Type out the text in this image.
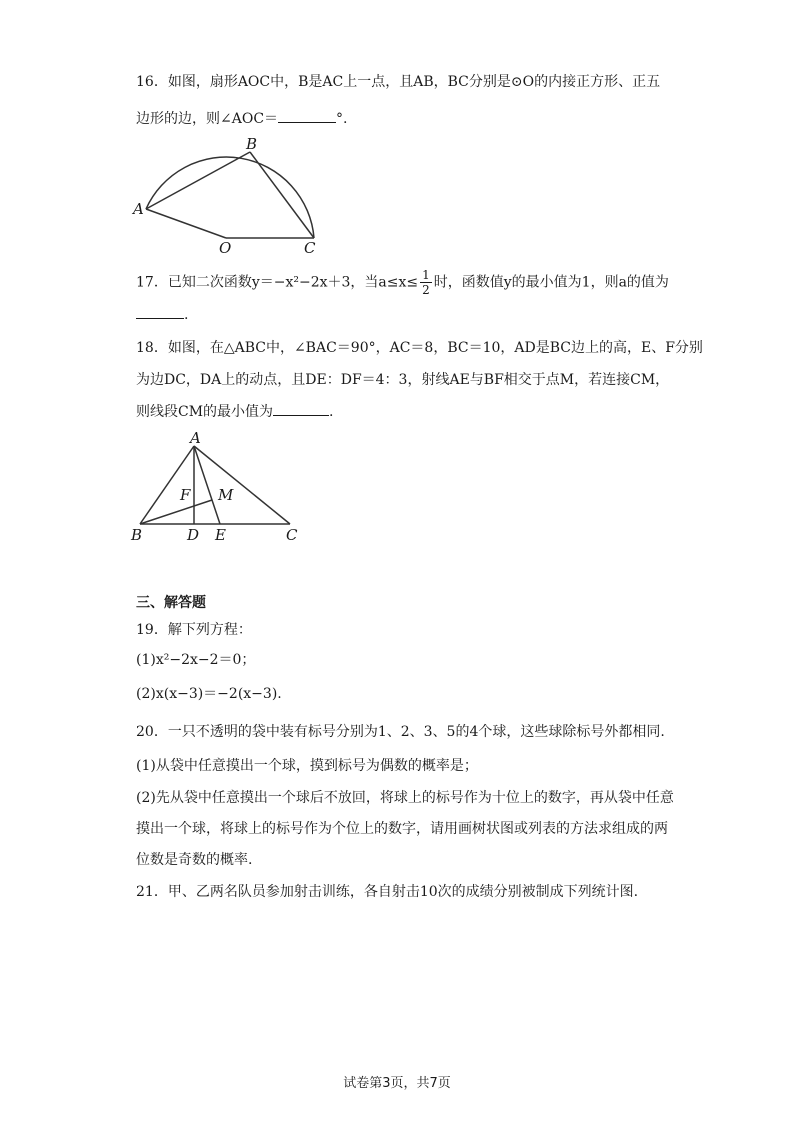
16．如图，扇形AOC中，B是AC上一点，且AB，BC分别是⊙O的内接正方形、正五
边形的边，则∠AOC＝	°.
A
B
O	C
17．已知二次函数y＝−x²−2x＋3，当$a\le x\le \frac{1}{2}$ 时，函数值y的最小值为1，则a的值为
.
18．如图，在△ABC中，∠BAC＝90°，AC＝8，BC＝10，AD是BC边上的高，E、F分别
为边DC，DA上的动点，且DE：DF＝4：3，射线AE与BF相交于点M，若连接CM，
则线段CM的最小值为	.
A
F M
B	D E	C
三、解答题
19．解下列方程：
(1)x²−2x−2＝0；
(2)x(x−3)＝−2(x−3).
20．一只不透明的袋中装有标号分别为1、2、3、5的4个球，这些球除标号外都相同.
(1)从袋中任意摸出一个球，摸到标号为偶数的概率是；
(2)先从袋中任意摸出一个球后不放回，将球上的标号作为十位上的数字，再从袋中任意
摸出一个球，将球上的标号作为个位上的数字，请用画树状图或列表的方法求组成的两
位数是奇数的概率.
21．甲、乙两名队员参加射击训练，各自射击10次的成绩分别被制成下列统计图.
试卷第3页，共7页
